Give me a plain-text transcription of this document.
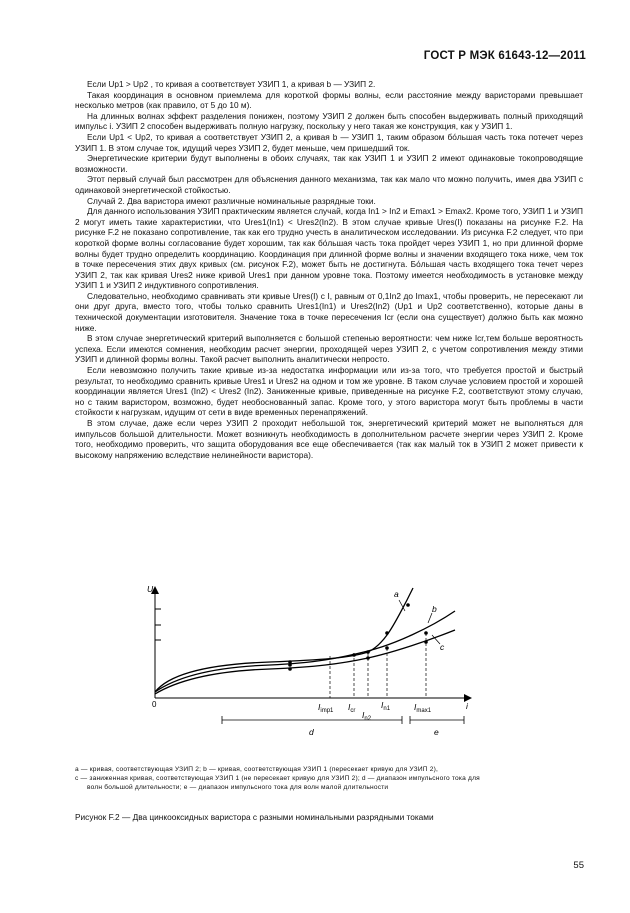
ГОСТ Р МЭК 61643-12—2011

Если Up1 > Up2 , то кривая a соответствует УЗИП 1, а кривая b — УЗИП 2.

Такая координация в основном приемлема для короткой формы волны, если расстояние между варисторами превышает несколько метров (как правило, от 5 до 10 м).

На длинных волнах эффект разделения понижен, поэтому УЗИП 2 должен быть способен выдерживать полный приходящий импульс i. УЗИП 2 способен выдерживать полную нагрузку, поскольку у него такая же конструкция, как у УЗИП 1.

Если Up1 < Up2, то кривая a соответствует УЗИП 2, а кривая b — УЗИП 1, таким образом бо́льшая часть тока потечет через УЗИП 1. В этом случае ток, идущий через УЗИП 2, будет меньше, чем пришедший ток.

Энергетические критерии будут выполнены в обоих случаях, так как УЗИП 1 и УЗИП 2 имеют одинаковые токопроводящие возможности.

Этот первый случай был рассмотрен для объяснения данного механизма, так как мало что можно получить, имея два УЗИП с одинаковой энергетической стойкостью.

Случай 2. Два варистора имеют различные номинальные разрядные токи.

Для данного использования УЗИП практическим является случай, когда In1 > In2 и Emax1 > Emax2. Кроме того, УЗИП 1 и УЗИП 2 могут иметь такие характеристики, что Ures1(In1) < Ures2(In2). В этом случае кривые Ures(I) показаны на рисунке F.2. На рисунке F.2 не показано сопротивление, так как его трудно учесть в аналитическом исследовании. Из рисунка F.2 следует, что при короткой форме волны согласование будет хорошим, так как бо́льшая часть тока пройдет через УЗИП 1, но при длинной форме волны будет трудно определить координацию. Координация при длинной форме волны и значении входящего тока ниже, чем ток в точке пересечения этих двух кривых (см. рисунок F.2), может быть не достигнута. Бо́льшая часть входящего тока течет через УЗИП 2, так как кривая Ures2 ниже кривой Ures1 при данном уровне тока. Поэтому имеется необходимость в установке между УЗИП 1 и УЗИП 2 индуктивного сопротивления.

Следовательно, необходимо сравнивать эти кривые Ures(I) с I, равным от 0,1In2 до Imax1, чтобы проверить, не пересекают ли они друг друга, вместо того, чтобы только сравнить Ures1(In1) и Ures2(In2) (Up1 и Up2 соответственно), которые даны в технической документации изготовителя. Значение тока в точке пересечения Icr (если она существует) должно быть как можно ниже.

В этом случае энергетический критерий выполняется с большой степенью вероятности: чем ниже Icr,тем больше вероятность успеха. Если имеются сомнения, необходим расчет энергии, проходящей через УЗИП 2, с учетом сопротивления между этими УЗИП и длинной формы волны. Такой расчет выполнить аналитически непросто.

Если невозможно получить такие кривые из-за недостатка информации или из-за того, что требуется простой и быстрый результат, то необходимо сравнить кривые Ures1 и Ures2 на одном и том же уровне. В таком случае условием простой и хорошей координации является Ures1 (In2) < Ures2 (In2). Заниженные кривые, приведенные на рисунке F.2, соответствуют этому случаю, но с таким варистором, возможно, будет необоснованный запас. Кроме того, у этого варистора могут быть проблемы в части стойкости к нагрузкам, идущим от сети в виде временных перенапряжений.

В этом случае, даже если через УЗИП 2 проходит небольшой ток, энергетический критерий может не выполняться для импульсов большой длительности. Может возникнуть необходимость в дополнительном расчете энергии через УЗИП 2. Кроме того, необходимо проверить, что защита оборудования все еще обеспечивается (так как малый ток в УЗИП 2 может привести к высокому напряжению вследствие нелинейности варистора).

U
i
0
a
b
c
$I_{imp1}$ $I_{cr}$ $I_{n2}$
$I_{n1}$	$I_{max1}$
d	e

a — кривая, соответствующая УЗИП 2; b — кривая, соответствующая УЗИП 1 (пересекает кривую для УЗИП 2),

c — заниженная кривая, соответствующая УЗИП 1 (не пересекает кривую для УЗИП 2); d — диапазон импульсного тока для

волн большой длительности; e — диапазон импульсного тока для волн малой длительности

Рисунок F.2 — Два цинкооксидных варистора с разными номинальными разрядными токами
55
